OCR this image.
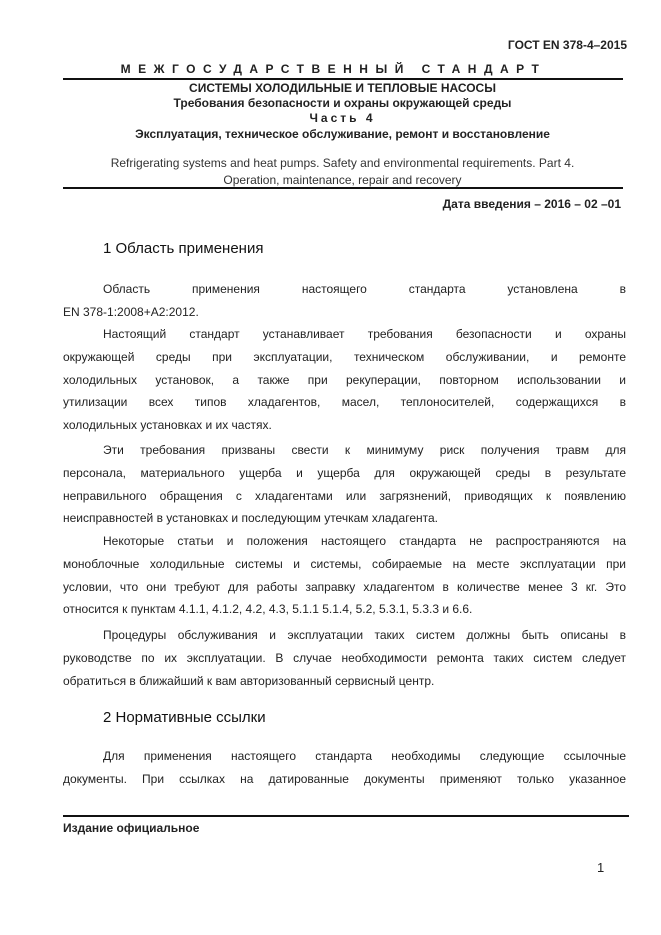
ГОСТ EN 378-4–2015
МЕЖГОСУДАРСТВЕННЫЙ СТАНДАРТ
СИСТЕМЫ ХОЛОДИЛЬНЫЕ И ТЕПЛОВЫЕ НАСОСЫ
Требования безопасности и охраны окружающей среды
Часть 4
Эксплуатация, техническое обслуживание, ремонт и восстановление
Refrigerating systems and heat pumps. Safety and environmental requirements. Part 4.
Operation, maintenance, repair and recovery
Дата введения – 2016 – 02 –01
1 Область применения
Область применения настоящего стандарта установлена в
EN 378-1:2008+A2:2012.
Настоящий стандарт устанавливает требования безопасности и охраны
окружающей среды при эксплуатации, техническом обслуживании, и ремонте
холодильных установок, а также при рекуперации, повторном использовании и
утилизации всех типов хладагентов, масел, теплоносителей, содержащихся в
холодильных установках и их частях.
Эти требования призваны свести к минимуму риск получения травм для
персонала, материального ущерба и ущерба для окружающей среды в результате
неправильного обращения с хладагентами или загрязнений, приводящих к появлению
неисправностей в установках и последующим утечкам хладагента.
Некоторые статьи и положения настоящего стандарта не распространяются на
моноблочные холодильные системы и системы, собираемые на месте эксплуатации при
условии, что они требуют для работы заправку хладагентом в количестве менее 3 кг. Это
относится к пунктам 4.1.1, 4.1.2, 4.2, 4.3, 5.1.1 5.1.4, 5.2, 5.3.1, 5.3.3 и 6.6.
Процедуры обслуживания и эксплуатации таких систем должны быть описаны в
руководстве по их эксплуатации. В случае необходимости ремонта таких систем следует
обратиться в ближайший к вам авторизованный сервисный центр.
2 Нормативные ссылки
Для применения настоящего стандарта необходимы следующие ссылочные
документы. При ссылках на датированные документы применяют только указанное
Издание официальное
1
